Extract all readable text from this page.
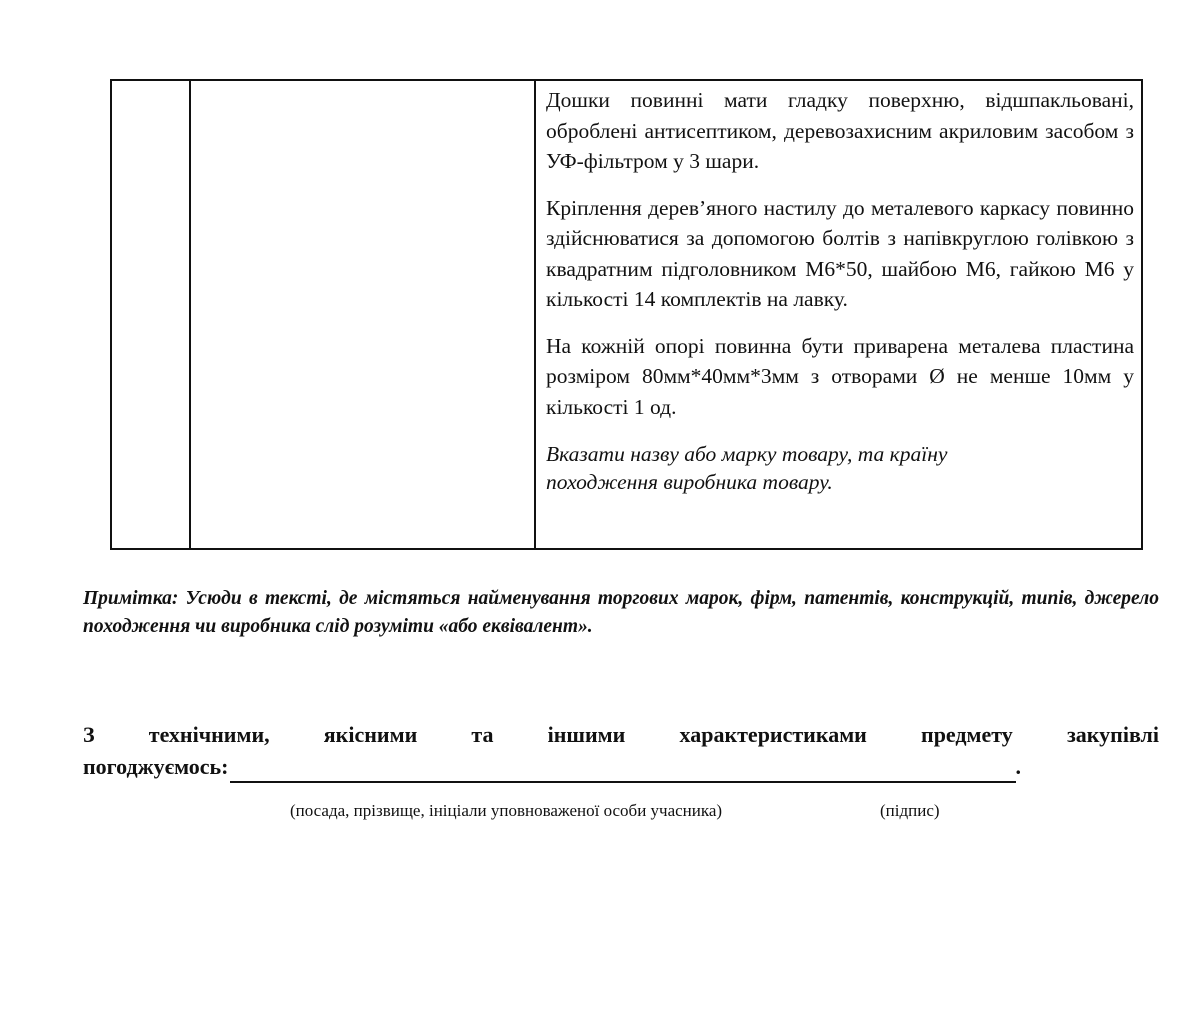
Дошки повинні мати гладку поверхню, відшпакльовані, оброблені антисептиком, деревозахисним акриловим засобом з УФ-фільтром у 3 шари.

Кріплення дерев’яного настилу до металевого каркасу повинно здійснюватися за допомогою болтів з напівкруглою голівкою з квадратним підголовником М6*50, шайбою М6, гайкою М6 у кількості 14 комплектів на лавку.

На кожній опорі повинна бути приварена металева пластина розміром 80мм*40мм*3мм з отворами Ø не менше 10мм у кількості 1 од.

Вказати назву або марку товару, та країну походження виробника товару.

Примітка: Усюди в тексті, де містяться найменування торгових марок, фірм, патентів, конструкцій, типів, джерело походження чи виробника слід розуміти «або еквівалент».
З технічними, якісними та іншими характеристиками предмету закупівлі
погоджуємось:	.
(посада, прізвище, ініціали уповноваженої особи учасника)	(підпис)
